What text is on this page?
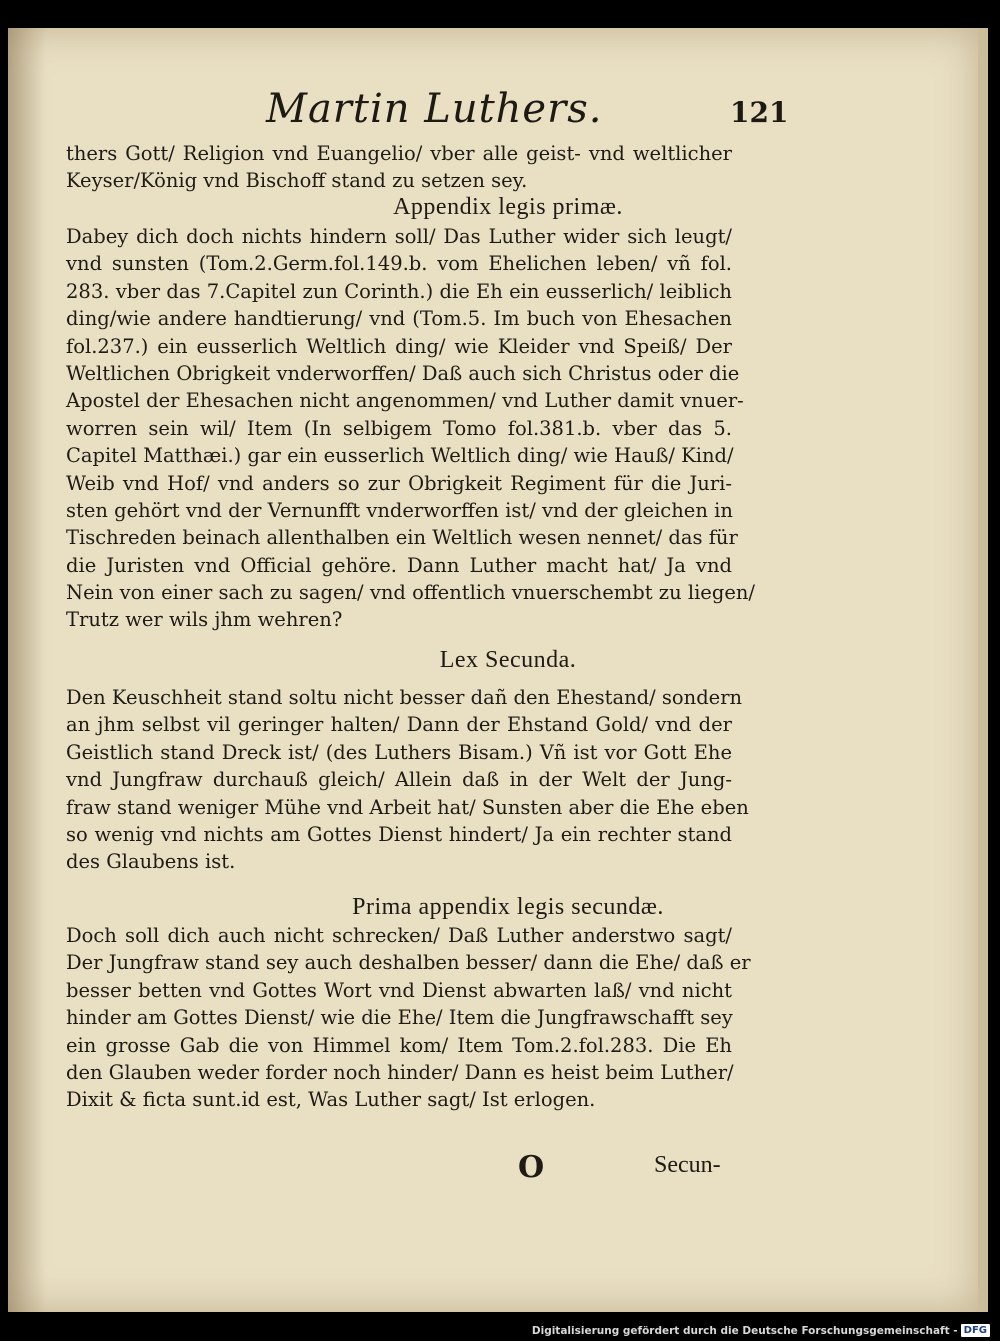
Martin Luthers.	121
thers Gott/ Religion vnd Euangelio/ vber alle geist- vnd weltlicher
Keyser/König vnd Bischoff stand zu setzen sey.
Appendix legis primæ.
Dabey dich doch nichts hindern soll/ Das Luther wider sich leugt/
vnd sunsten (Tom.2.Germ.fol.149.b. vom Ehelichen leben/ vñ fol.
283. vber das 7.Capitel zun Corinth.) die Eh ein eusserlich/ leiblich
ding/wie andere handtierung/ vnd (Tom.5. Im buch von Ehesachen
fol.237.) ein eusserlich Weltlich ding/ wie Kleider vnd Speiß/ Der
Weltlichen Obrigkeit vnderworffen/ Daß auch sich Christus oder die
Apostel der Ehesachen nicht angenommen/ vnd Luther damit vnuer-
worren sein wil/ Item (In selbigem Tomo fol.381.b. vber das 5.
Capitel Matthæi.) gar ein eusserlich Weltlich ding/ wie Hauß/ Kind/
Weib vnd Hof/ vnd anders so zur Obrigkeit Regiment für die Juri-
sten gehört vnd der Vernunfft vnderworffen ist/ vnd der gleichen in
Tischreden beinach allenthalben ein Weltlich wesen nennet/ das für
die Juristen vnd Official gehöre. Dann Luther macht hat/ Ja vnd
Nein von einer sach zu sagen/ vnd offentlich vnuerschembt zu liegen/
Trutz wer wils jhm wehren?
Lex Secunda.
Den Keuschheit stand soltu nicht besser dañ den Ehestand/ sondern
an jhm selbst vil geringer halten/ Dann der Ehstand Gold/ vnd der
Geistlich stand Dreck ist/ (des Luthers Bisam.) Vñ ist vor Gott Ehe
vnd Jungfraw durchauß gleich/ Allein daß in der Welt der Jung-
fraw stand weniger Mühe vnd Arbeit hat/ Sunsten aber die Ehe eben
so wenig vnd nichts am Gottes Dienst hindert/ Ja ein rechter stand
des Glaubens ist.
Prima appendix legis secundæ.
Doch soll dich auch nicht schrecken/ Daß Luther anderstwo sagt/
Der Jungfraw stand sey auch deshalben besser/ dann die Ehe/ daß er
besser betten vnd Gottes Wort vnd Dienst abwarten laß/ vnd nicht
hinder am Gottes Dienst/ wie die Ehe/ Item die Jungfrawschafft sey
ein grosse Gab die von Himmel kom/ Item Tom.2.fol.283. Die Eh
den Glauben weder forder noch hinder/ Dann es heist beim Luther/
Dixit & ficta sunt.id est, Was Luther sagt/ Ist erlogen.
O	Secun-
Digitalisierung gefördert durch die Deutsche Forschungsgemeinschaft - DFG
